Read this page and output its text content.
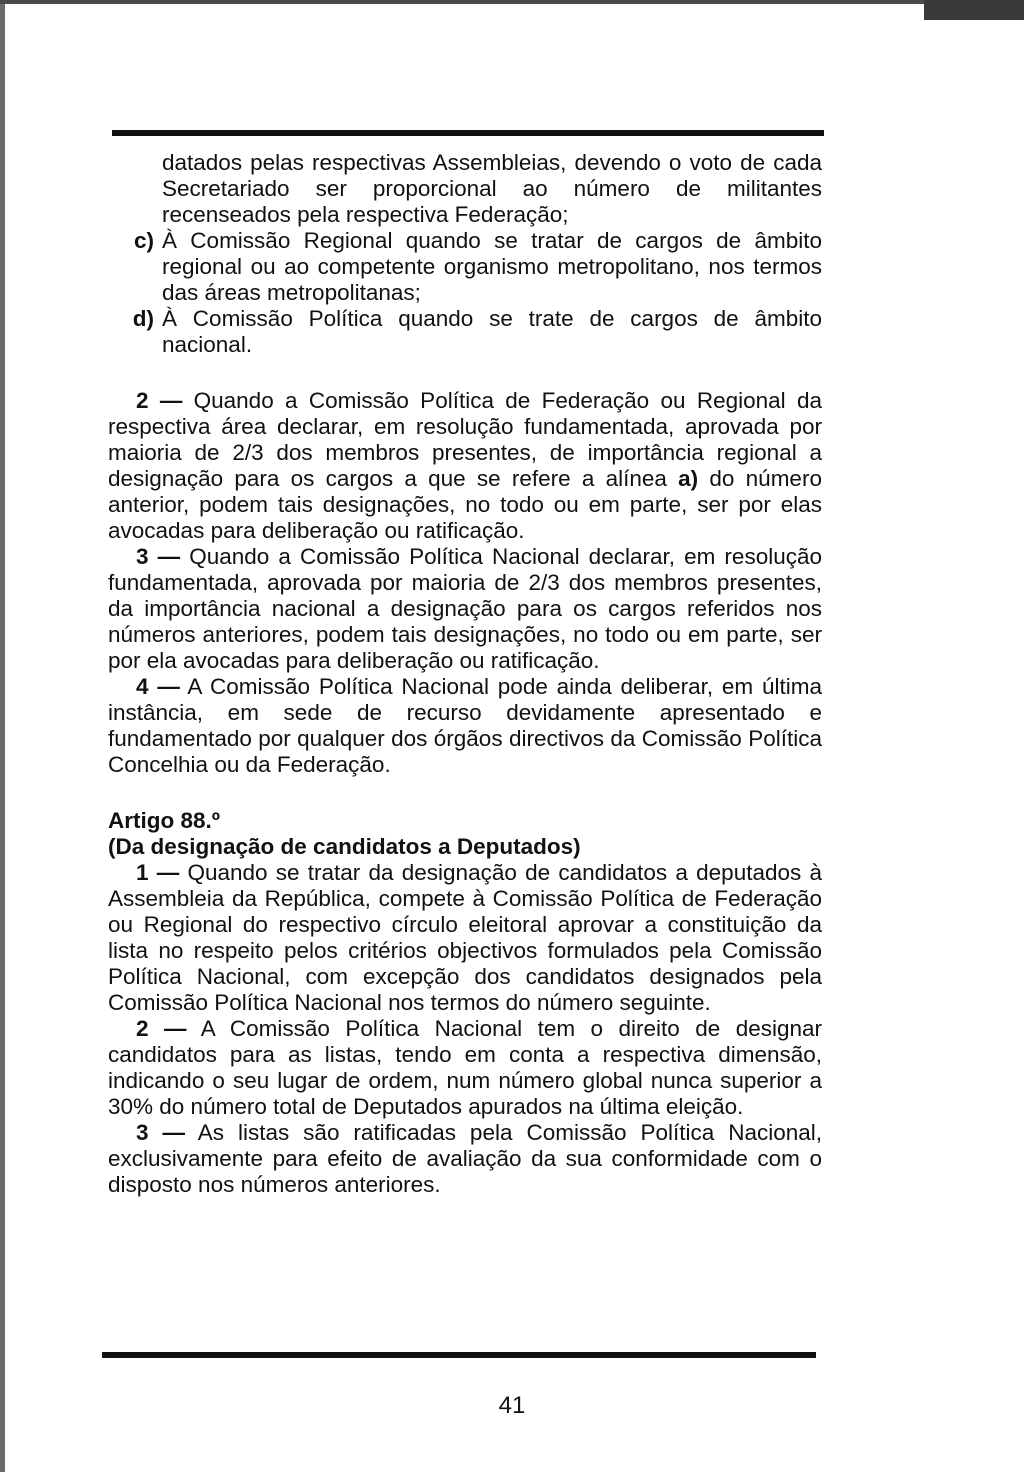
datados pelas respectivas Assembleias, devendo o voto de cada Secretariado ser proporcional ao número de militantes recenseados pela respectiva Federação;

c) À Comissão Regional quando se tratar de cargos de âmbito regional ou ao competente organismo metropolitano, nos termos das áreas metropolitanas;
d) À Comissão Política quando se trate de cargos de âmbito nacional.

2 — Quando a Comissão Política de Federação ou Regional da respectiva área declarar, em resolução fundamentada, aprovada por maioria de 2/3 dos membros presentes, de importância regional a designação para os cargos a que se refere a alínea a) do número anterior, podem tais designações, no todo ou em parte, ser por elas avocadas para deliberação ou ratificação.

3 — Quando a Comissão Política Nacional declarar, em resolução fundamentada, aprovada por maioria de 2/3 dos membros presentes, da importância nacional a designação para os cargos referidos nos números anteriores, podem tais designações, no todo ou em parte, ser por ela avocadas para deliberação ou ratificação.

4 — A Comissão Política Nacional pode ainda deliberar, em última instância, em sede de recurso devidamente apresentado e fundamentado por qualquer dos órgãos directivos da Comissão Política Concelhia ou da Federação.

Artigo 88.º

(Da designação de candidatos a Deputados)

1 — Quando se tratar da designação de candidatos a deputados à Assembleia da República, compete à Comissão Política de Federação ou Regional do respectivo círculo eleitoral aprovar a constituição da lista no respeito pelos critérios objectivos formulados pela Comissão Política Nacional, com excepção dos candidatos designados pela Comissão Política Nacional nos termos do número seguinte.

2 — A Comissão Política Nacional tem o direito de designar candidatos para as listas, tendo em conta a respectiva dimensão, indicando o seu lugar de ordem, num número global nunca superior a 30% do número total de Deputados apurados na última eleição.

3 — As listas são ratificadas pela Comissão Política Nacional, exclusivamente para efeito de avaliação da sua conformidade com o disposto nos números anteriores.

41
